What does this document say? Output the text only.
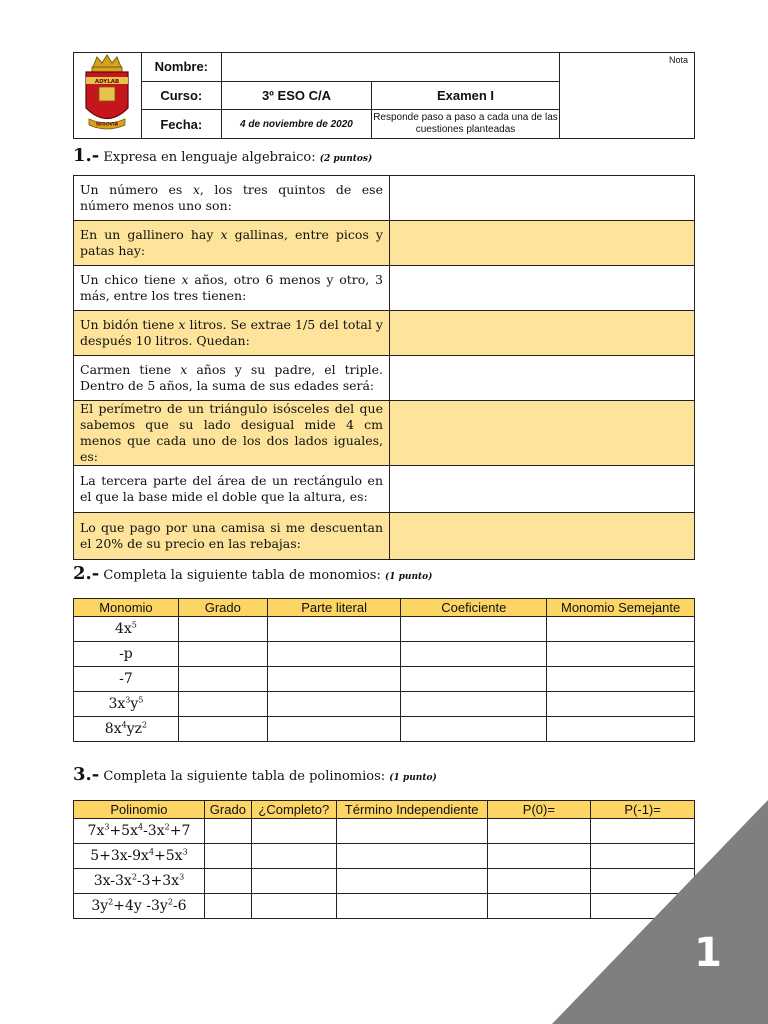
ADYLAB
SEGOVIA	Nombre:			Nota
	Curso:	3º ESO C/A	Examen I	
	Fecha:	4 de noviembre de 2020	Responde paso a paso a cada una de las cuestiones planteadas	
1.- Expresa en lenguaje algebraico: (2 puntos)
Un número es x, los tres quintos de ese número menos uno son:	
En un gallinero hay x gallinas, entre picos y patas hay:	
Un chico tiene x años, otro 6 menos y otro, 3 más, entre los tres tienen:	
Un bidón tiene x litros. Se extrae 1/5 del total y después 10 litros. Quedan:	
Carmen tiene x años y su padre, el triple. Dentro de 5 años, la suma de sus edades será:	
El perímetro de un triángulo isósceles del que sabemos que su lado desigual mide 4 cm menos que cada uno de los dos lados iguales, es:	
La tercera parte del área de un rectángulo en el que la base mide el doble que la altura, es:	
Lo que pago por una camisa si me descuentan el 20% de su precio en las rebajas:	
2.- Completa la siguiente tabla de monomios: (1 punto)
Monomio	Grado	Parte literal	Coeficiente	Monomio Semejante
$4x^5$				
-p				
-7				
$3x^3y^5$				
$8x^4yz^2$				
3.- Completa la siguiente tabla de polinomios: (1 punto)
Polinomio	Grado	¿Completo?	Término Independiente	P(0)=	P(-1)=
$7x^3+5x^4-3x^2+7$					
$5+3x-9x^4+5x^3$					
$3x-3x^2-3+3x^3$					
$3y^2+4y$ $-3y^2-6$					
1
